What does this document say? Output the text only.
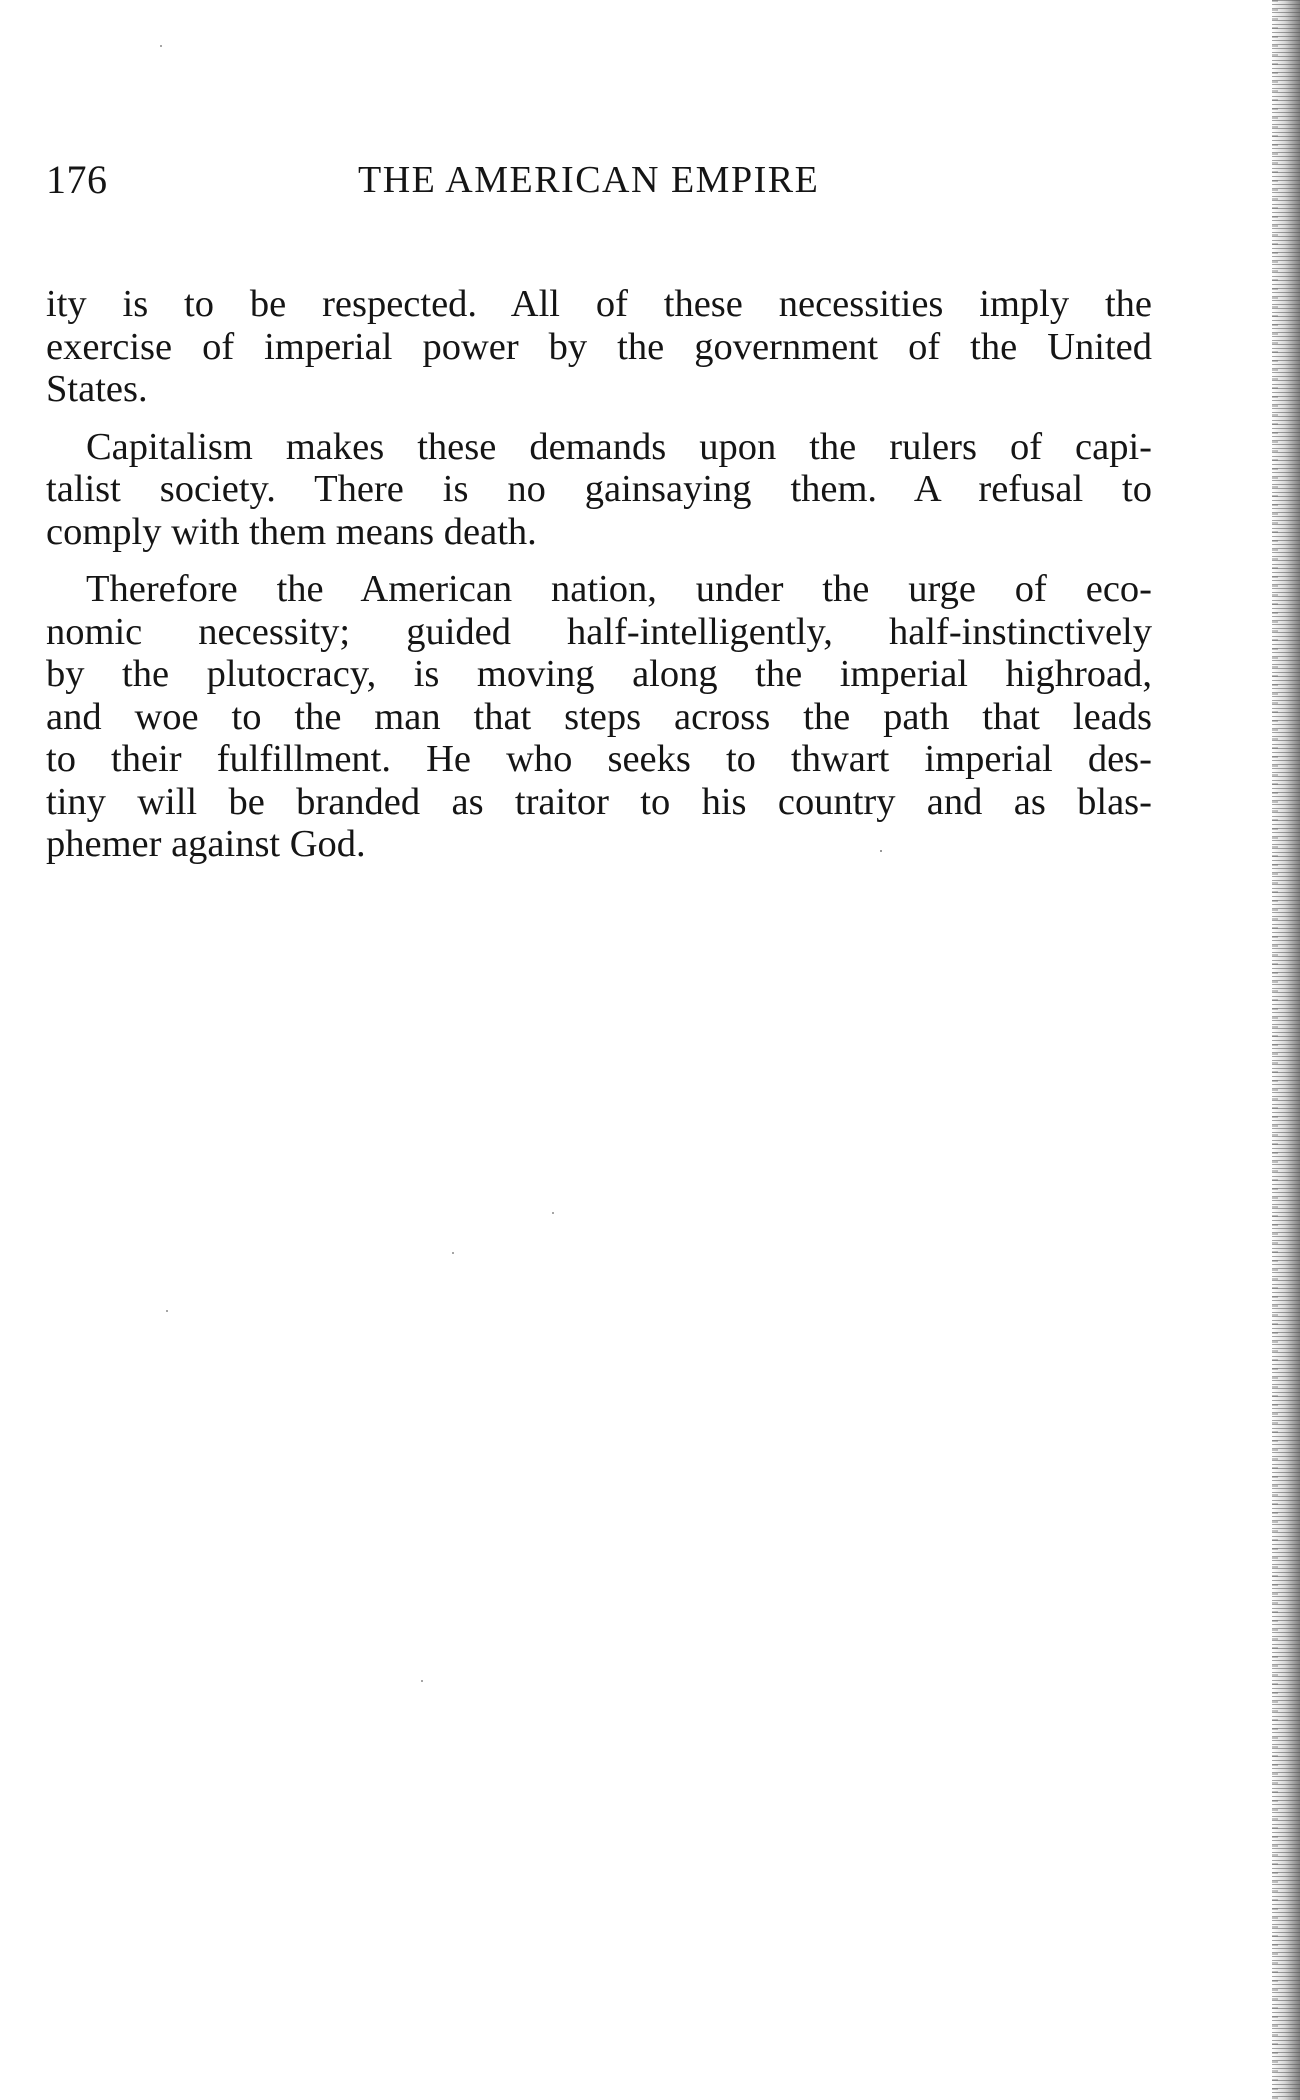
176	THE AMERICAN EMPIRE

ity is to be respected. All of these necessities imply the
exercise of imperial power by the government of the United
States.

Capitalism makes these demands upon the rulers of capi-
talist society. There is no gainsaying them. A refusal to
comply with them means death.

Therefore the American nation, under the urge of eco-
nomic necessity; guided half-intelligently, half-instinctively
by the plutocracy, is moving along the imperial highroad,
and woe to the man that steps across the path that leads
to their fulfillment. He who seeks to thwart imperial des-
tiny will be branded as traitor to his country and as blas-
phemer against God.
